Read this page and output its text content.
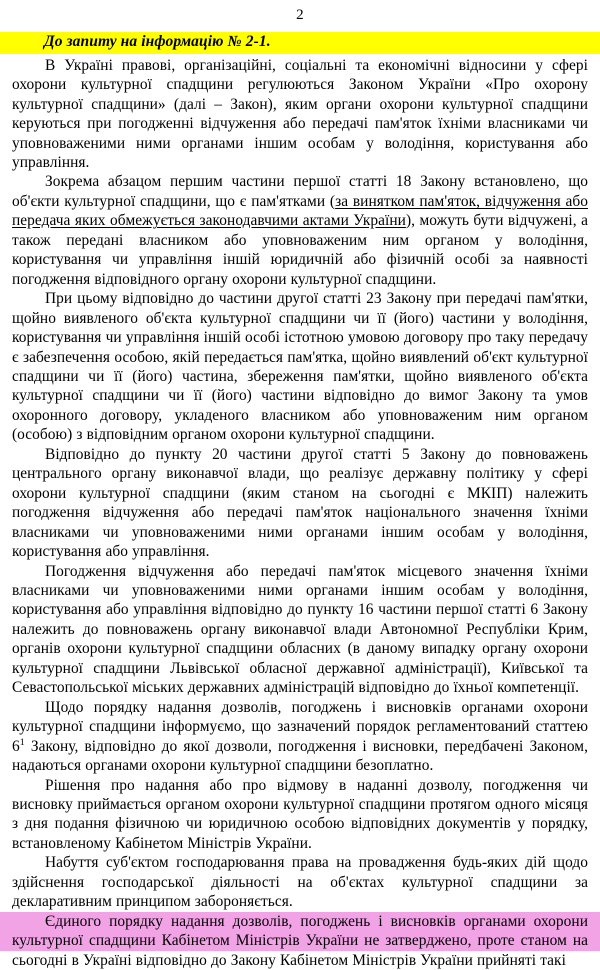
2
До запиту на інформацію № 2-1.

В Україні правові, організаційні, соціальні та економічні відносини у сфері охорони культурної спадщини регулюються Законом України «Про охорону культурної спадщини» (далі – Закон), яким органи охорони культурної спадщини керуються при погодженні відчуження або передачі пам'яток їхніми власниками чи уповноваженими ними органами іншим особам у володіння, користування або управління.

Зокрема абзацом першим частини першої статті 18 Закону встановлено, що об'єкти культурної спадщини, що є пам'ятками (за винятком пам'яток, відчуження або передача яких обмежується законодавчими актами України), можуть бути відчужені, а також передані власником або уповноваженим ним органом у володіння, користування чи управління іншій юридичній або фізичній особі за наявності погодження відповідного органу охорони культурної спадщини.

При цьому відповідно до частини другої статті 23 Закону при передачі пам'ятки, щойно виявленого об'єкта культурної спадщини чи її (його) частини у володіння, користування чи управління іншій особі істотною умовою договору про таку передачу є забезпечення особою, якій передається пам'ятка, щойно виявлений об'єкт культурної спадщини чи її (його) частина, збереження пам'ятки, щойно виявленого об'єкта культурної спадщини чи її (його) частини відповідно до вимог Закону та умов охоронного договору, укладеного власником або уповноваженим ним органом (особою) з відповідним органом охорони культурної спадщини.

Відповідно до пункту 20 частини другої статті 5 Закону до повноважень центрального органу виконавчої влади, що реалізує державну політику у сфері охорони культурної спадщини (яким станом на сьогодні є МКІП) належить погодження відчуження або передачі пам'яток національного значення їхніми власниками чи уповноваженими ними органами іншим особам у володіння, користування або управління.

Погодження відчуження або передачі пам'яток місцевого значення їхніми власниками чи уповноваженими ними органами іншим особам у володіння, користування або управління відповідно до пункту 16 частини першої статті 6 Закону належить до повноважень органу виконавчої влади Автономної Республіки Крим, органів охорони культурної спадщини обласних (в даному випадку органу охорони культурної спадщини Львівської обласної державної адміністрації), Київської та Севастопольської міських державних адміністрацій відповідно до їхньої компетенції.

Щодо порядку надання дозволів, погоджень і висновків органами охорони культурної спадщини інформуємо, що зазначений порядок регламентований статтею $6^1$ Закону, відповідно до якої дозволи, погодження і висновки, передбачені Законом, надаються органами охорони культурної спадщини безоплатно.

Рішення про надання або про відмову в наданні дозволу, погодження чи висновку приймається органом охорони культурної спадщини протягом одного місяця з дня подання фізичною чи юридичною особою відповідних документів у порядку, встановленому Кабінетом Міністрів України.

Набуття суб'єктом господарювання права на провадження будь-яких дій щодо здійснення господарської діяльності на об'єктах культурної спадщини за декларативним принципом забороняється.

Єдиного порядку надання дозволів, погоджень і висновків органами охорони культурної спадщини Кабінетом Міністрів України не затверджено, проте станом на сьогодні в Україні відповідно до Закону Кабінетом Міністрів України прийняті такі
